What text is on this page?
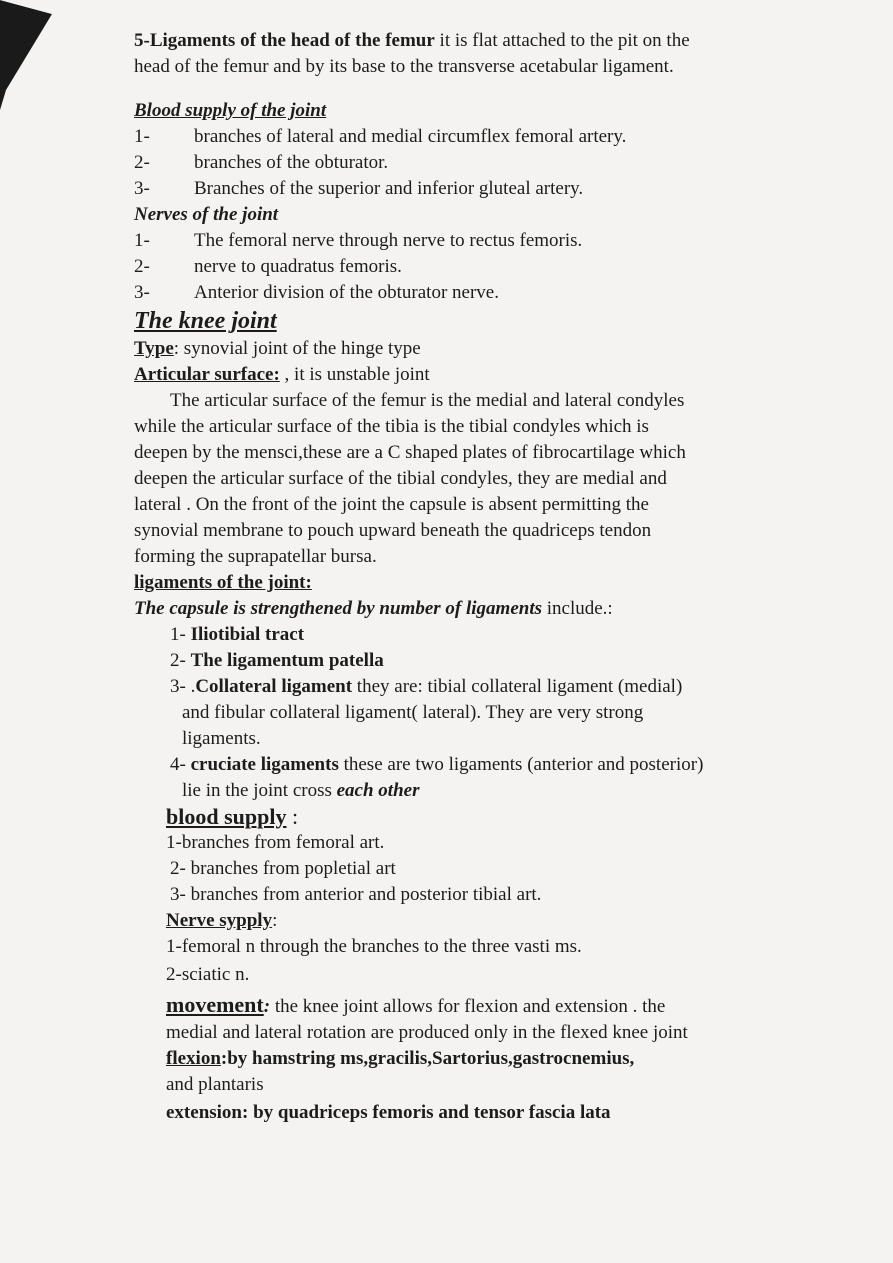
5-Ligaments of the head of the femur it is flat attached to the pit on the
head of the femur and by its base to the transverse acetabular ligament.

Blood supply of the joint
1-	branches of lateral and medial circumflex femoral artery.
2-	branches of the obturator.
3-	Branches of the superior and inferior gluteal artery.
Nerves of the joint
1-	The femoral nerve through nerve to rectus femoris.
2-	nerve to quadratus femoris.
3-	Anterior division of the obturator nerve.
The knee joint
Type: synovial joint of the hinge type
Articular surface: , it is unstable joint
The articular surface of the femur is the medial and lateral condyles
while the articular surface of the tibia is the tibial condyles which is
deepen by the mensci,these are a C shaped plates of fibrocartilage which
deepen the articular surface of the tibial condyles, they are medial and
lateral . On the front of the joint the capsule is absent permitting the
synovial membrane to pouch upward beneath the quadriceps tendon
forming the suprapatellar bursa.
ligaments of the joint:
The capsule is strengthened by number of ligaments include.:
1- Iliotibial tract
2- The ligamentum patella
3- .Collateral ligament they are: tibial collateral ligament (medial)
and fibular collateral ligament( lateral). They are very strong
ligaments.
4- cruciate ligaments these are two ligaments (anterior and posterior)
lie in the joint cross each other
blood supply :
1-branches from femoral art.
2- branches from popletial art
3- branches from anterior and posterior tibial art.
Nerve sypply:
1-femoral n through the branches to the three vasti ms.
2-sciatic n.
movement: the knee joint allows for flexion and extension . the
medial and lateral rotation are produced only in the flexed knee joint
flexion:by hamstring ms,gracilis,Sartorius,gastrocnemius,
and plantaris
extension: by quadriceps femoris and tensor fascia lata
